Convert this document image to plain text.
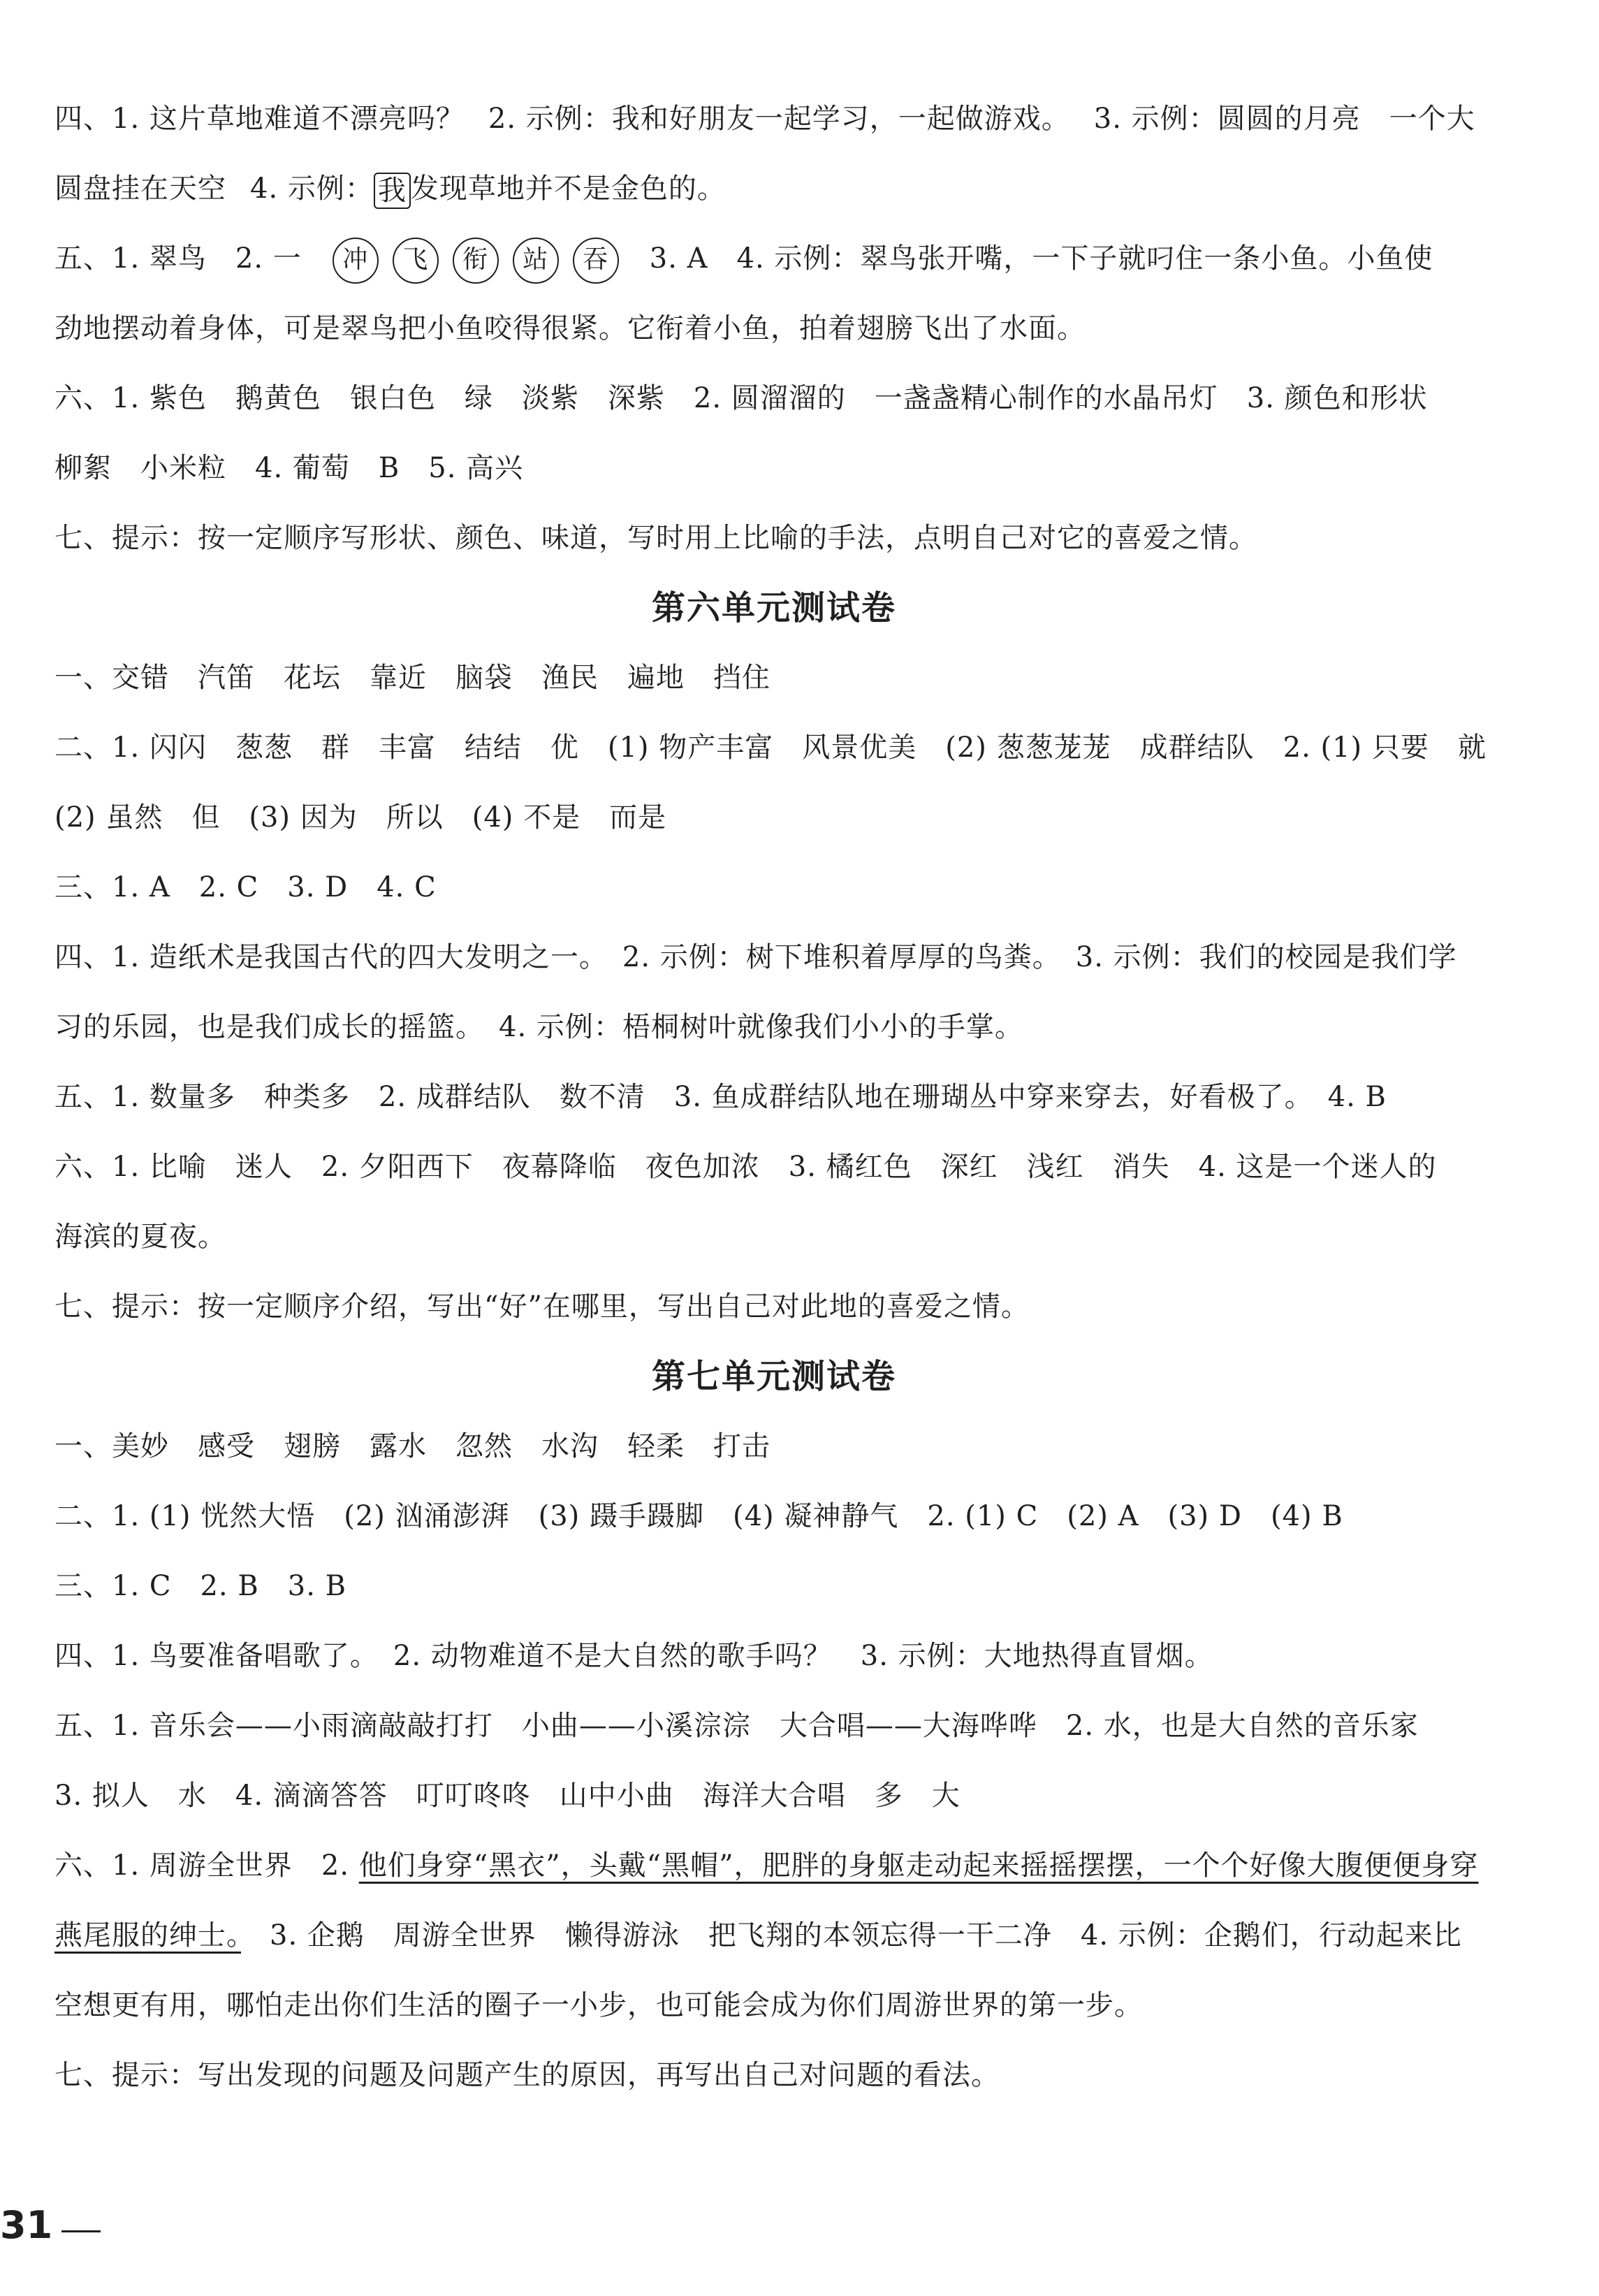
四、1. 这片草地难道不漂亮吗？ 2. 示例：我和好朋友一起学习，一起做游戏。 3. 示例：圆圆的月亮　一个大
圆盘挂在天空 4. 示例： 我 发现草地并不是金色的。
五、1. 翠鸟　2. 一 冲 飞 衔 站 吞 3. A　4. 示例：翠鸟张开嘴，一下子就叼住一条小鱼。小鱼使
劲地摆动着身体，可是翠鸟把小鱼咬得很紧。它衔着小鱼，拍着翅膀飞出了水面。
六、1. 紫色　鹅黄色　银白色　绿　淡紫　深紫　2. 圆溜溜的　一盏盏精心制作的水晶吊灯　3. 颜色和形状
柳絮　小米粒　4. 葡萄　B　5. 高兴
七、提示：按一定顺序写形状、颜色、味道，写时用上比喻的手法，点明自己对它的喜爱之情。
第六单元测试卷
一、交错　汽笛　花坛　靠近　脑袋　渔民　遍地　挡住
二、1. 闪闪　葱葱　群　丰富　结结　优　(1) 物产丰富　风景优美　(2) 葱葱茏茏　成群结队　2. (1) 只要　就
(2) 虽然　但　(3) 因为　所以　(4) 不是　而是
三、1. A　2. C　3. D　4. C
四、1. 造纸术是我国古代的四大发明之一。　2. 示例：树下堆积着厚厚的鸟粪。　3. 示例：我们的校园是我们学
习的乐园，也是我们成长的摇篮。　4. 示例：梧桐树叶就像我们小小的手掌。
五、1. 数量多　种类多　2. 成群结队　数不清　3. 鱼成群结队地在珊瑚丛中穿来穿去，好看极了。　4. B
六、1. 比喻　迷人　2. 夕阳西下　夜幕降临　夜色加浓　3. 橘红色　深红　浅红　消失　4. 这是一个迷人的
海滨的夏夜。
七、提示：按一定顺序介绍，写出“好”在哪里，写出自己对此地的喜爱之情。
第七单元测试卷
一、美妙　感受　翅膀　露水　忽然　水沟　轻柔　打击
二、1. (1) 恍然大悟　(2) 汹涌澎湃　(3) 蹑手蹑脚　(4) 凝神静气　2. (1) C　(2) A　(3) D　(4) B
三、1. C　2. B　3. B
四、1. 鸟要准备唱歌了。　2. 动物难道不是大自然的歌手吗？　3. 示例：大地热得直冒烟。
五、1. 音乐会——小雨滴敲敲打打　小曲——小溪淙淙　大合唱——大海哗哗　2. 水，也是大自然的音乐家
3. 拟人　水　4. 滴滴答答　叮叮咚咚　山中小曲　海洋大合唱　多　大
六、1. 周游全世界　2. 他们身穿“黑衣”，头戴“黑帽”，肥胖的身躯走动起来摇摇摆摆，一个个好像大腹便便身穿
燕尾服的绅士。　3. 企鹅　周游全世界　懒得游泳　把飞翔的本领忘得一干二净　4. 示例：企鹅们，行动起来比
空想更有用，哪怕走出你们生活的圈子一小步，也可能会成为你们周游世界的第一步。
七、提示：写出发现的问题及问题产生的原因，再写出自己对问题的看法。
31
